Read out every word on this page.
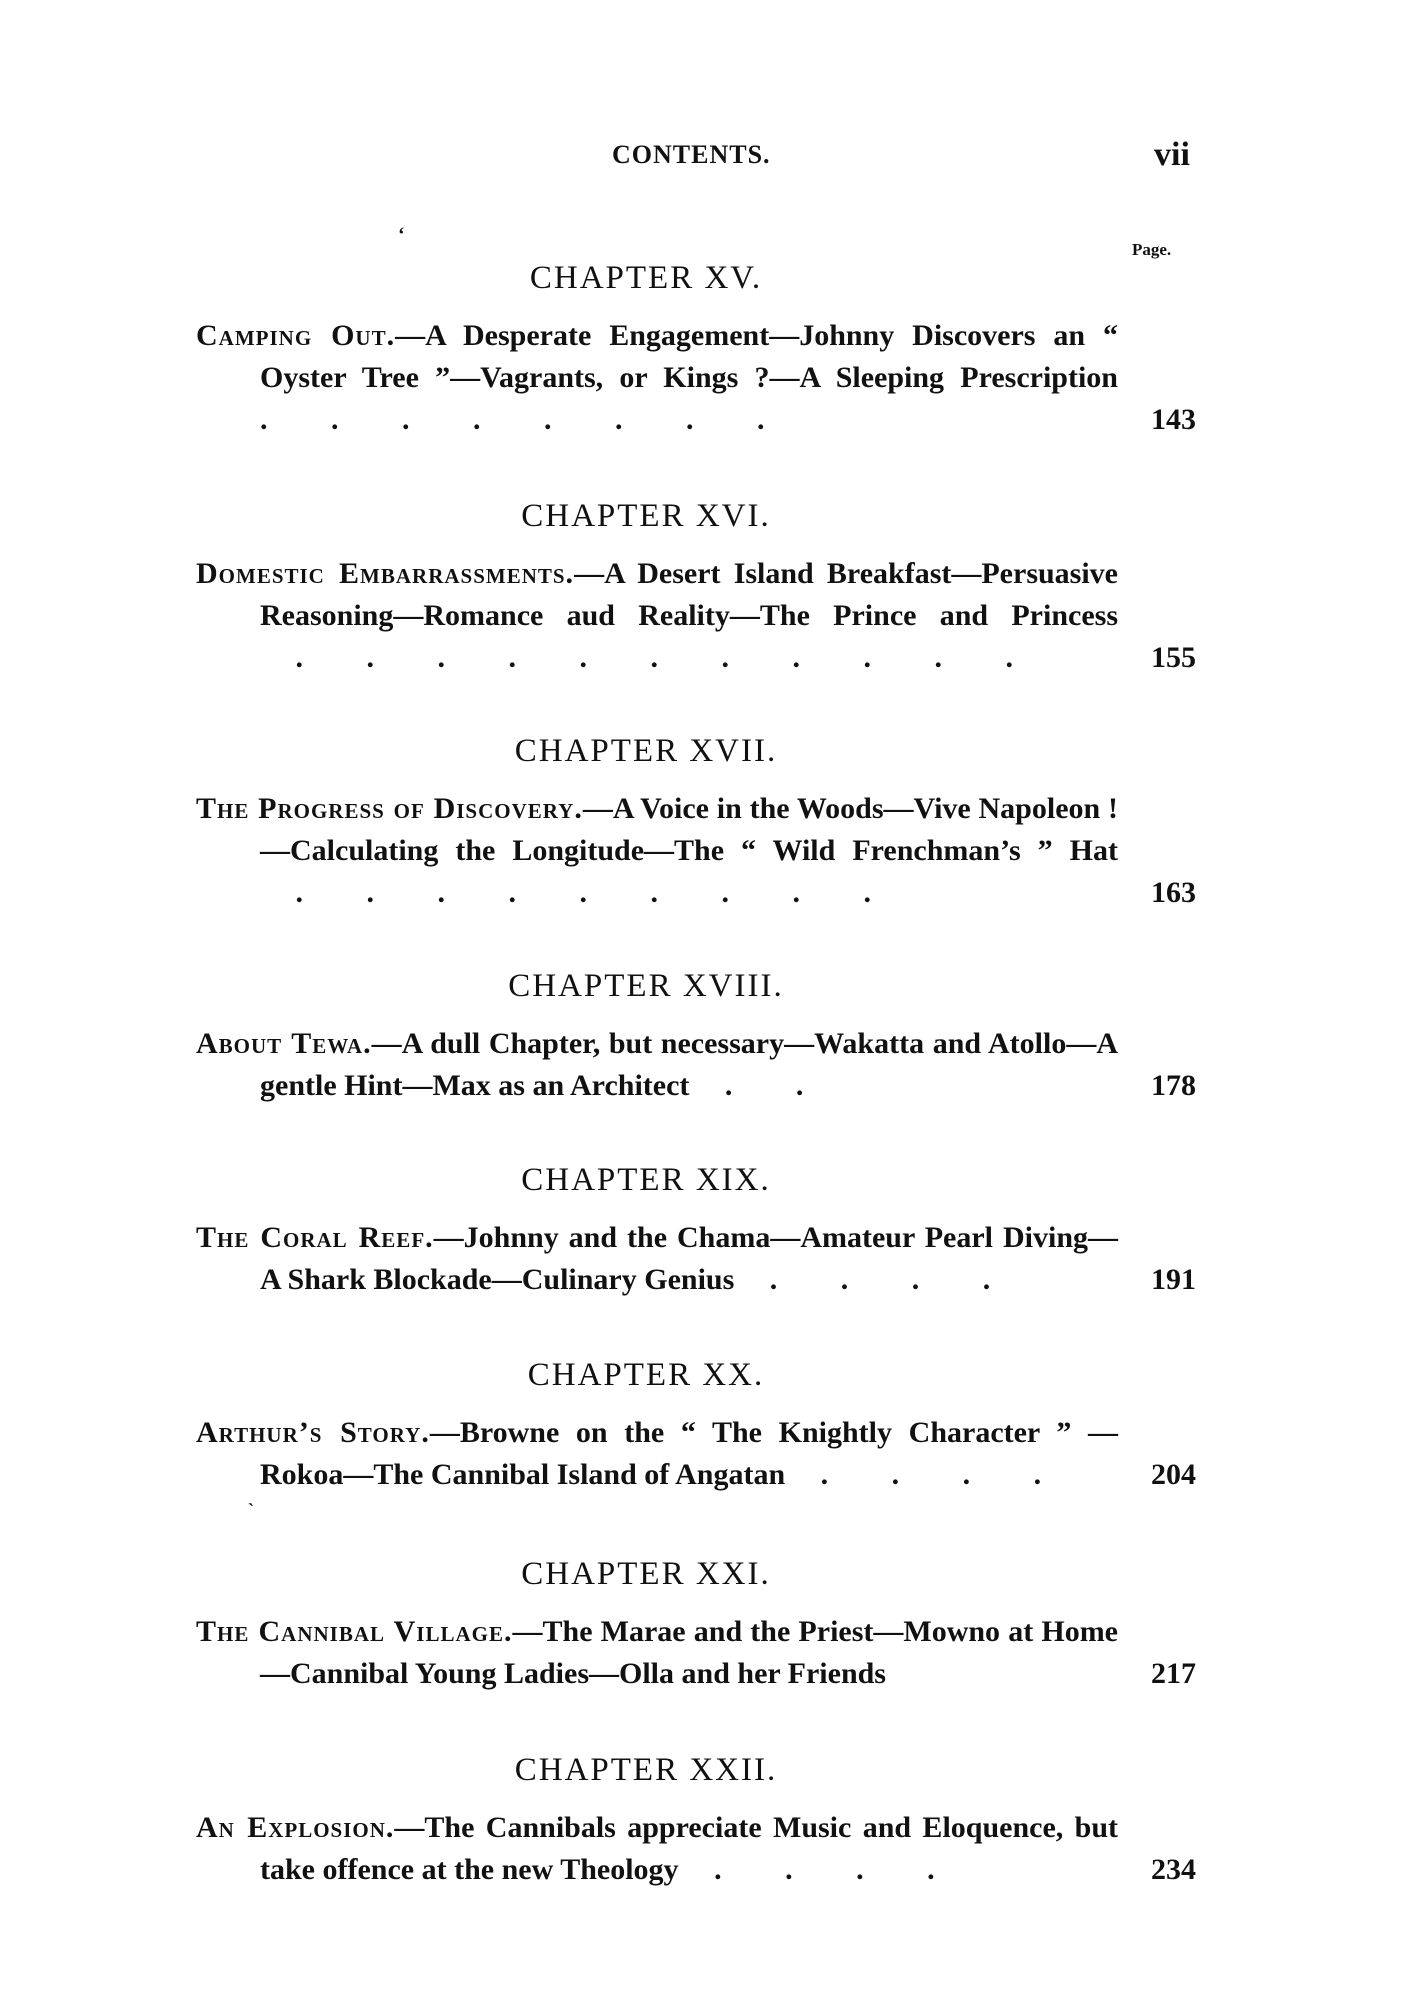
CONTENTS.	vii
‘
Page.
CHAPTER XV.
Camping Out.—A Desperate Engagement—Johnny Discovers an “ Oyster Tree ”—Vagrants, or Kings ?—A Sleeping Prescription . . . . . . . .	143
CHAPTER XVI.
Domestic Embarrassments.—A Desert Island Breakfast—Persuasive Reasoning—Romance aud Reality—The Prince and Princess . . . . . . . . . . .	155
CHAPTER XVII.
The Progress of Discovery.—A Voice in the Woods—Vive Napoleon !—Calculating the Longitude—The “ Wild Frenchman’s ” Hat . . . . . . . . .	163
CHAPTER XVIII.
About Tewa.—A dull Chapter, but necessary—Wakatta and Atollo—A gentle Hint—Max as an Architect . .	178
CHAPTER XIX.
The Coral Reef.—Johnny and the Chama—Amateur Pearl Diving—A Shark Blockade—Culinary Genius . . . .	191
CHAPTER XX.
Arthur’s Story.—Browne on the “ The Knightly Character ” —Rokoa—The Cannibal Island of Angatan . . . .	204
`
CHAPTER XXI.
The Cannibal Village.—The Marae and the Priest—Mowno at Home—Cannibal Young Ladies—Olla and her Friends	217
CHAPTER XXII.
An Explosion.—The Cannibals appreciate Music and Eloquence, but take offence at the new Theology . . . .	234
